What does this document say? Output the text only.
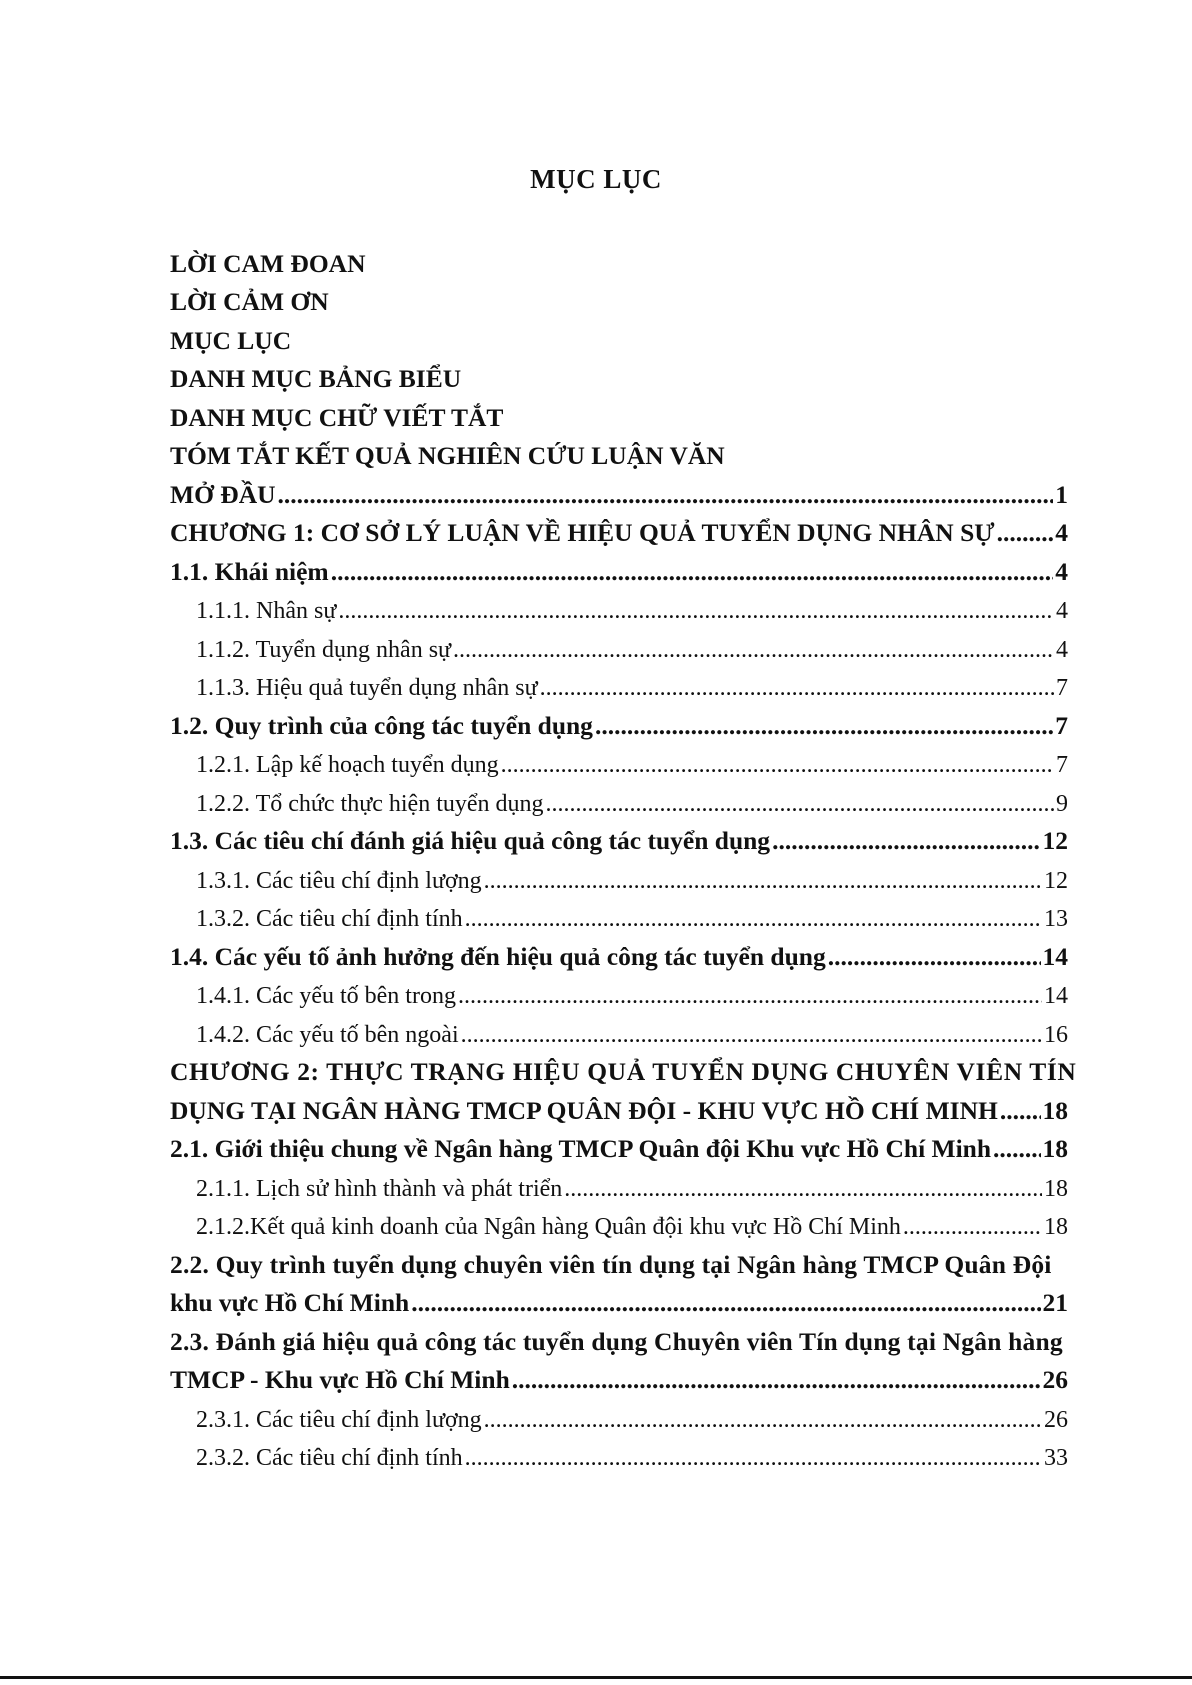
MỤC LỤC
LỜI CAM ĐOAN
LỜI CẢM ƠN
MỤC LỤC
DANH MỤC BẢNG BIỂU
DANH MỤC CHỮ VIẾT TẮT
TÓM TẮT KẾT QUẢ NGHIÊN CỨU LUẬN VĂN
MỞ ĐẦU .....	1
CHƯƠNG 1: CƠ SỞ LÝ LUẬN VỀ HIỆU QUẢ TUYỂN DỤNG NHÂN SỰ ..... 4
1.1. Khái niệm .....	4
1.1.1. Nhân sự .....	4
1.1.2. Tuyển dụng nhân sự .....	4
1.1.3. Hiệu quả tuyển dụng nhân sự .....	7
1.2. Quy trình của công tác tuyển dụng .....	7
1.2.1. Lập kế hoạch tuyển dụng .....	7
1.2.2. Tổ chức thực hiện tuyển dụng .....	9
1.3. Các tiêu chí đánh giá hiệu quả công tác tuyển dụng .....	12
1.3.1. Các tiêu chí định lượng .....	12
1.3.2. Các tiêu chí định tính .....	13
1.4. Các yếu tố ảnh hưởng đến hiệu quả công tác tuyển dụng .....	14
1.4.1. Các yếu tố bên trong .....	14
1.4.2. Các yếu tố bên ngoài .....	16
CHƯƠNG 2: THỰC TRẠNG HIỆU QUẢ TUYỂN DỤNG CHUYÊN VIÊN TÍN
DỤNG TẠI NGÂN HÀNG TMCP QUÂN ĐỘI - KHU VỰC HỒ CHÍ MINH ..... 18
2.1. Giới thiệu chung về Ngân hàng TMCP Quân đội Khu vực Hồ Chí Minh ..... 18
2.1.1. Lịch sử hình thành và phát triển .....	18
2.1.2.Kết quả kinh doanh của Ngân hàng Quân đội khu vực Hồ Chí Minh .....	18
2.2. Quy trình tuyển dụng chuyên viên tín dụng tại Ngân hàng TMCP Quân Đội
khu vực Hồ Chí Minh .....	21
2.3. Đánh giá hiệu quả công tác tuyển dụng Chuyên viên Tín dụng tại Ngân hàng
TMCP - Khu vực Hồ Chí Minh .....	26
2.3.1. Các tiêu chí định lượng .....	26
2.3.2. Các tiêu chí định tính .....	33
